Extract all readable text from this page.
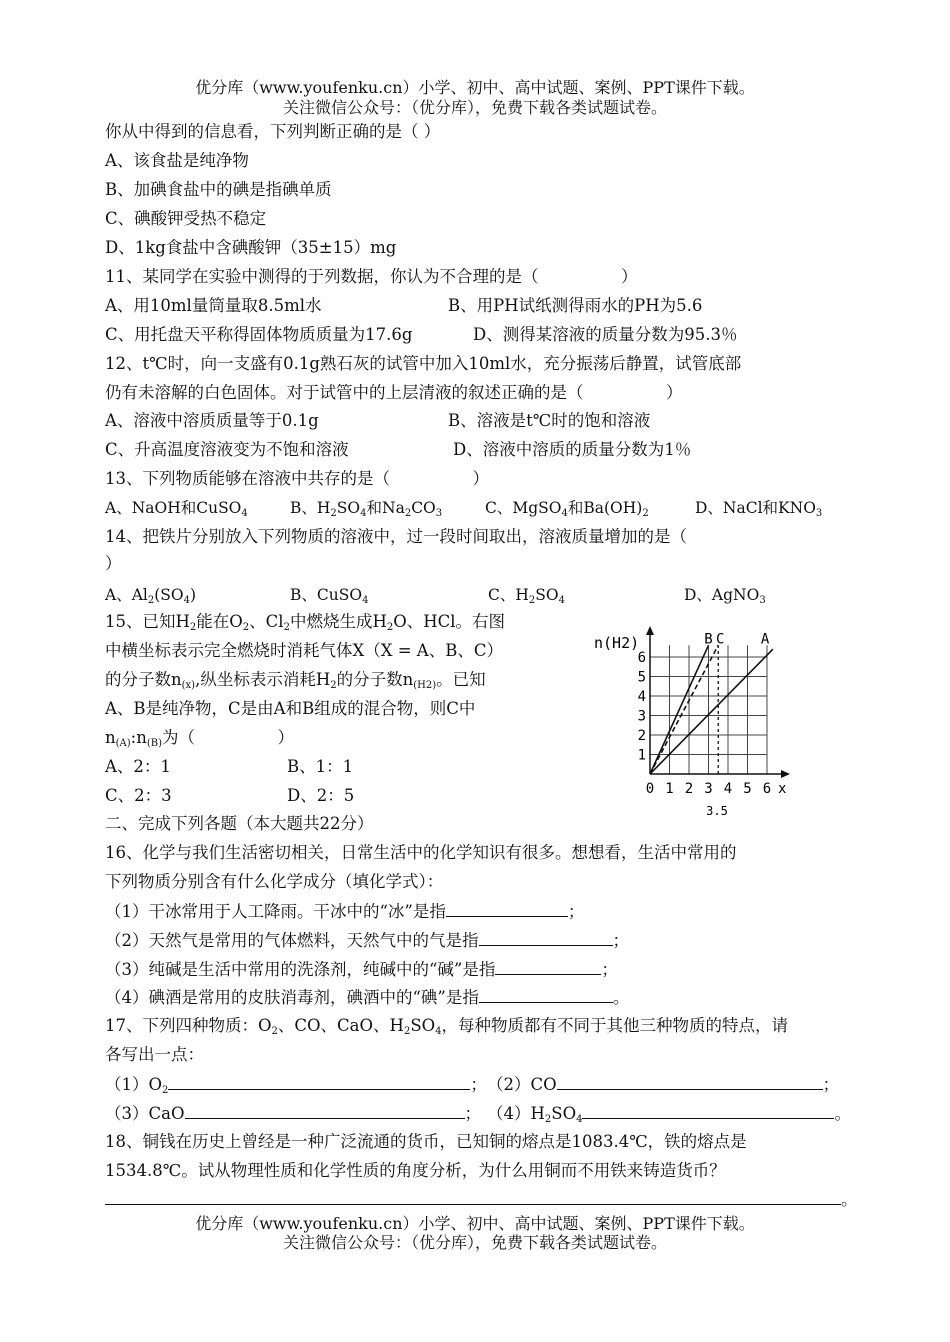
优分库（www.youfenku.cn）小学、初中、高中试题、案例、PPT课件下载。
关注微信公众号：（优分库），免费下载各类试题试卷。
你从中得到的信息看，下列判断正确的是（ ）
A、该食盐是纯净物
B、加碘食盐中的碘是指碘单质
C、碘酸钾受热不稳定
D、1kg食盐中含碘酸钾（35±15）mg
11、某同学在实验中测得的于列数据，你认为不合理的是（　　　　　）
A、用10ml量筒量取8.5ml水	B、用PH试纸测得雨水的PH为5.6
C、用托盘天平称得固体物质质量为17.6g	D、测得某溶液的质量分数为95.3％
12、t℃时，向一支盛有0.1g熟石灰的试管中加入10ml水，充分振荡后静置，试管底部
仍有未溶解的白色固体。对于试管中的上层清液的叙述正确的是（　　　　　）
A、溶液中溶质质量等于0.1g	B、溶液是t℃时的饱和溶液
C、升高温度溶液变为不饱和溶液	D、溶液中溶质的质量分数为1％
13、下列物质能够在溶液中共存的是（　　　　　）
A、NaOH和CuSO$_4$	B、$H_2SO_4$和$Na_2CO_3$	C、MgSO$_4$和$Ba(OH)_2$	D、NaCl和$KNO_3$
14、把铁片分别放入下列物质的溶液中，过一段时间取出，溶液质量增加的是（
）
A、$Al_2(SO_4)$	B、CuSO$_4$	C、$H_2SO_4$	D、AgNO$_3$
15、已知$H_2$能在$O_2$、$Cl_2$中燃烧生成$H_2O$、HCl。右图
中横坐标表示完全燃烧时消耗气体X（X = A、B、C）
的分子数$n_{(x)}$,纵坐标表示消耗$H_2$的分子数$n_{(H2)}$。已知
A、B是纯净物，C是由A和B组成的混合物，则C中
$n_{(A)}:n_{(B)}$为（　　　　　）
A、2：1	B、1：1
C、2：3	D、2：5
n(H2)
x
1
2
3
4
5
6
0 1 2 3 4 5 6
3.5
B C	A
二、完成下列各题（本大题共22分）
16、化学与我们生活密切相关，日常生活中的化学知识有很多。想想看，生活中常用的
下列物质分别含有什么化学成分（填化学式）：
（1）干冰常用于人工降雨。干冰中的“冰”是指	；
（2）天然气是常用的气体燃料，天然气中的气是指	；
（3）纯碱是生活中常用的洗涤剂，纯碱中的“碱”是指	；
（4）碘酒是常用的皮肤消毒剂，碘酒中的“碘”是指	。
17、下列四种物质：$O_2$、CO、CaO、$H_2SO_4$，每种物质都有不同于其他三种物质的特点，请
各写出一点：
$(1)O_2$	；（2）CO	；
（3）CaO	； $(4)H_2SO_4$	。
18、铜钱在历史上曾经是一种广泛流通的货币，已知铜的熔点是1083.4℃，铁的熔点是
1534.8℃。试从物理性质和化学性质的角度分析，为什么用铜而不用铁来铸造货币？
。
优分库（www.youfenku.cn）小学、初中、高中试题、案例、PPT课件下载。
关注微信公众号：（优分库），免费下载各类试题试卷。
